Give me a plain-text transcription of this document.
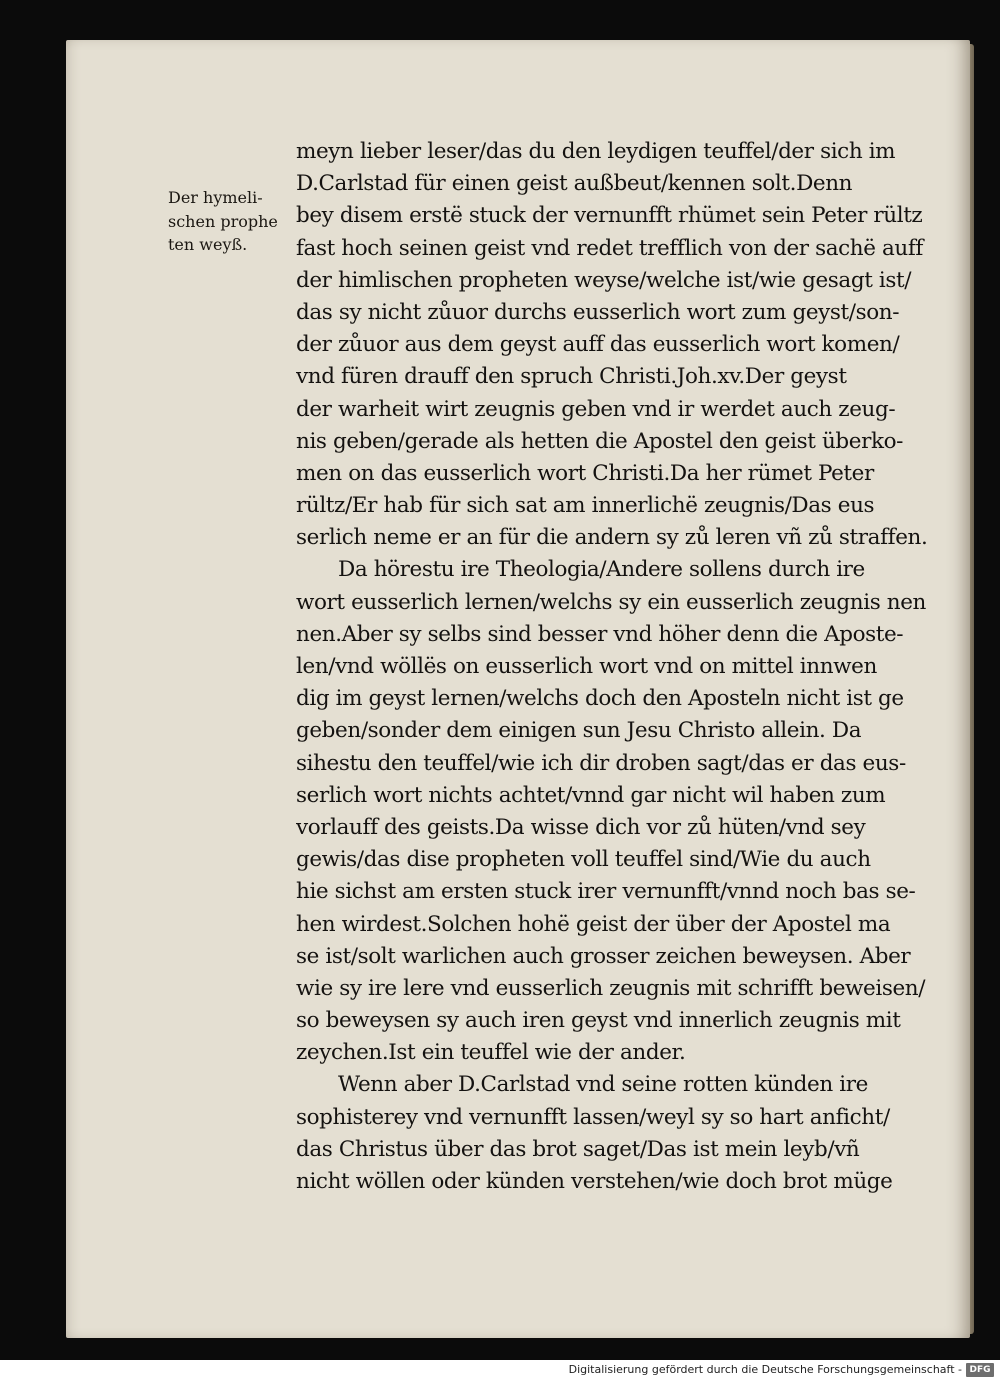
Der hymeli-
schen prophe
ten weyß.
meyn lieber leser/das du den leydigen teuffel/der sich im
D.Carlstad für einen geist außbeut/kennen solt.Denn
bey disem erstë stuck der vernunfft rhümet sein Peter rültz
fast hoch seinen geist vnd redet trefflich von der sachë auff
der himlischen propheten weyse/welche ist/wie gesagt ist/
das sy nicht zůuor durchs eusserlich wort zum geyst/son-
der zůuor aus dem geyst auff das eusserlich wort komen/
vnd füren drauff den spruch Christi.Joh.xv.Der geyst
der warheit wirt zeugnis geben vnd ir werdet auch zeug-
nis geben/gerade als hetten die Apostel den geist überko-
men on das eusserlich wort Christi.Da her rümet Peter
rültz/Er hab für sich sat am innerlichë zeugnis/Das eus
serlich neme er an für die andern sy zů leren vñ zů straffen.
Da hörestu ire Theologia/Andere sollens durch ire
wort eusserlich lernen/welchs sy ein eusserlich zeugnis nen
nen.Aber sy selbs sind besser vnd höher denn die Aposte-
len/vnd wöllës on eusserlich wort vnd on mittel innwen
dig im geyst lernen/welchs doch den Aposteln nicht ist ge
geben/sonder dem einigen sun Jesu Christo allein. Da
sihestu den teuffel/wie ich dir droben sagt/das er das eus-
serlich wort nichts achtet/vnnd gar nicht wil haben zum
vorlauff des geists.Da wisse dich vor zů hüten/vnd sey
gewis/das dise propheten voll teuffel sind/Wie du auch
hie sichst am ersten stuck irer vernunfft/vnnd noch bas se-
hen wirdest.Solchen hohë geist der über der Apostel ma
se ist/solt warlichen auch grosser zeichen beweysen. Aber
wie sy ire lere vnd eusserlich zeugnis mit schrifft beweisen/
so beweysen sy auch iren geyst vnd innerlich zeugnis mit
zeychen.Ist ein teuffel wie der ander.
Wenn aber D.Carlstad vnd seine rotten künden ire
sophisterey vnd vernunfft lassen/weyl sy so hart anficht/
das Christus über das brot saget/Das ist mein leyb/vñ
nicht wöllen oder künden verstehen/wie doch brot müge
Digitalisierung gefördert durch die Deutsche Forschungsgemeinschaft - DFG
